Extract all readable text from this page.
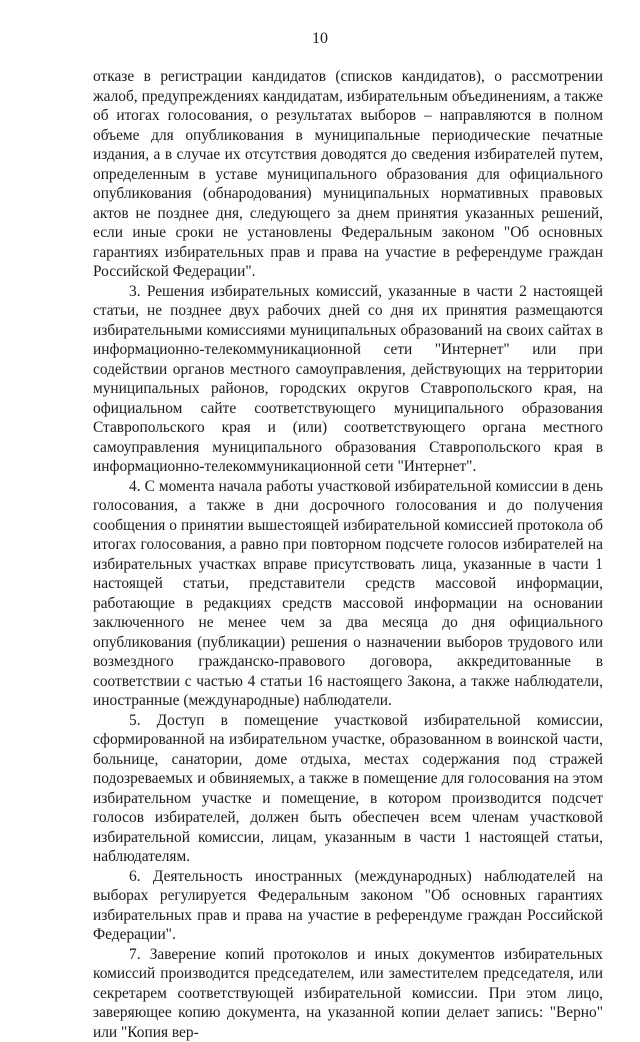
10

отказе в регистрации кандидатов (списков кандидатов), о рассмотрении жалоб, предупреждениях кандидатам, избирательным объединениям, а также об итогах голосования, о результатах выборов – направляются в полном объеме для опубликования в муниципальные периодические печатные издания, а в случае их отсутствия доводятся до сведения избирателей путем, определенным в уставе муниципального образования для официального опубликования (обнародования) муниципальных нормативных правовых актов не позднее дня, следующего за днем принятия указанных решений, если иные сроки не установлены Федеральным законом "Об основных гарантиях избирательных прав и права на участие в референдуме граждан Российской Федерации".

3. Решения избирательных комиссий, указанные в части 2 настоящей статьи, не позднее двух рабочих дней со дня их принятия размещаются избирательными комиссиями муниципальных образований на своих сайтах в информационно-телекоммуникационной сети "Интернет" или при содействии органов местного самоуправления, действующих на территории муниципальных районов, городских округов Ставропольского края, на официальном сайте соответствующего муниципального образования Ставропольского края и (или) соответствующего органа местного самоуправления муниципального образования Ставропольского края в информационно-телекоммуникационной сети "Интернет".

4. С момента начала работы участковой избирательной комиссии в день голосования, а также в дни досрочного голосования и до получения сообщения о принятии вышестоящей избирательной комиссией протокола об итогах голосования, а равно при повторном подсчете голосов избирателей на избирательных участках вправе присутствовать лица, указанные в части 1 настоящей статьи, представители средств массовой информации, работающие в редакциях средств массовой информации на основании заключенного не менее чем за два месяца до дня официального опубликования (публикации) решения о назначении выборов трудового или возмездного гражданско-правового договора, аккредитованные в соответствии с частью 4 статьи 16 настоящего Закона, а также наблюдатели, иностранные (международные) наблюдатели.

5. Доступ в помещение участковой избирательной комиссии, сформированной на избирательном участке, образованном в воинской части, больнице, санатории, доме отдыха, местах содержания под стражей подозреваемых и обвиняемых, а также в помещение для голосования на этом избирательном участке и помещение, в котором производится подсчет голосов избирателей, должен быть обеспечен всем членам участковой избирательной комиссии, лицам, указанным в части 1 настоящей статьи, наблюдателям.

6. Деятельность иностранных (международных) наблюдателей на выборах регулируется Федеральным законом "Об основных гарантиях избирательных прав и права на участие в референдуме граждан Российской Федерации".

7. Заверение копий протоколов и иных документов избирательных комиссий производится председателем, или заместителем председателя, или секретарем соответствующей избирательной комиссии. При этом лицо, заверяющее копию документа, на указанной копии делает запись: "Верно" или "Копия вер-
